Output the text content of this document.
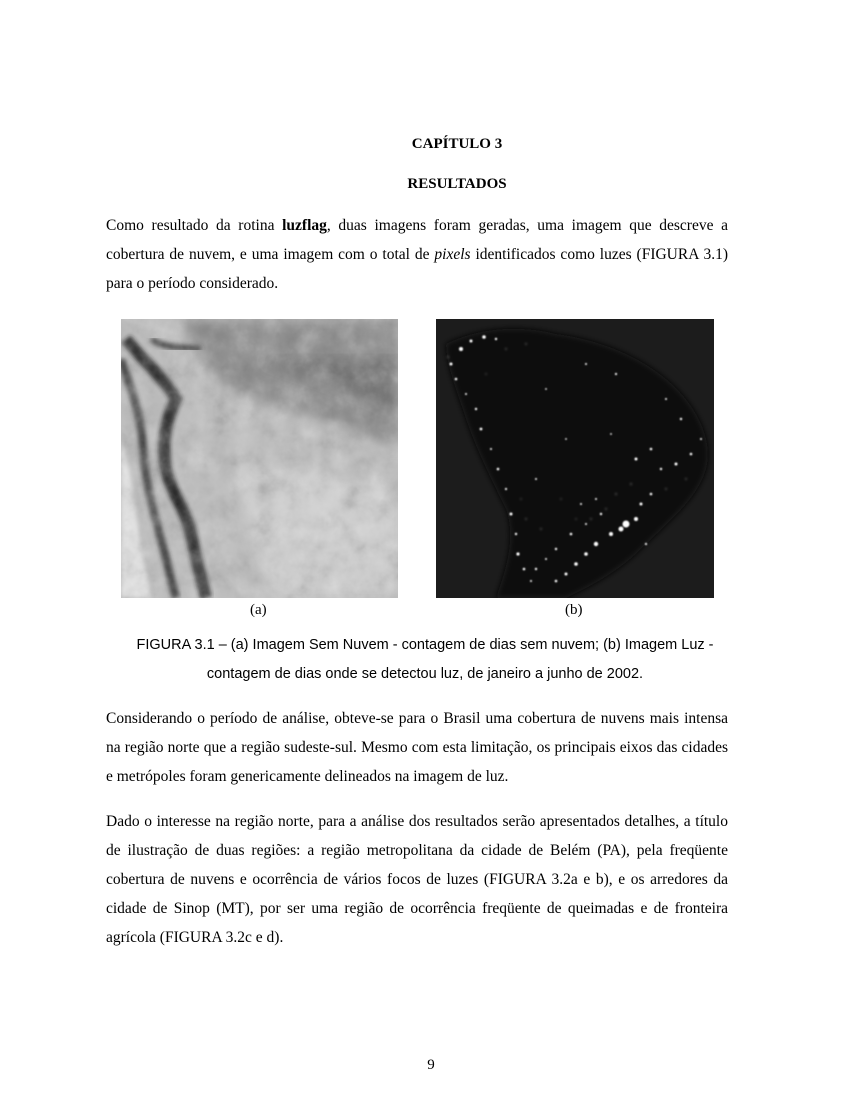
CAPÍTULO 3
RESULTADOS

Como resultado da rotina luzflag, duas imagens foram geradas, uma imagem que descreve a cobertura de nuvem, e uma imagem com o total de pixels identificados como luzes (FIGURA 3.1) para o período considerado.

(a)	(b)

FIGURA 3.1 – (a) Imagem Sem Nuvem - contagem de dias sem nuvem; (b) Imagem Luz -

contagem de dias onde se detectou luz, de janeiro a junho de 2002.

Considerando o período de análise, obteve-se para o Brasil uma cobertura de nuvens mais intensa na região norte que a região sudeste-sul. Mesmo com esta limitação, os principais eixos das cidades e metrópoles foram genericamente delineados na imagem de luz.

Dado o interesse na região norte, para a análise dos resultados serão apresentados detalhes, a título de ilustração de duas regiões: a região metropolitana da cidade de Belém (PA), pela freqüente cobertura de nuvens e ocorrência de vários focos de luzes (FIGURA 3.2a e b), e os arredores da cidade de Sinop (MT), por ser uma região de ocorrência freqüente de queimadas e de fronteira agrícola (FIGURA 3.2c e d).

9
